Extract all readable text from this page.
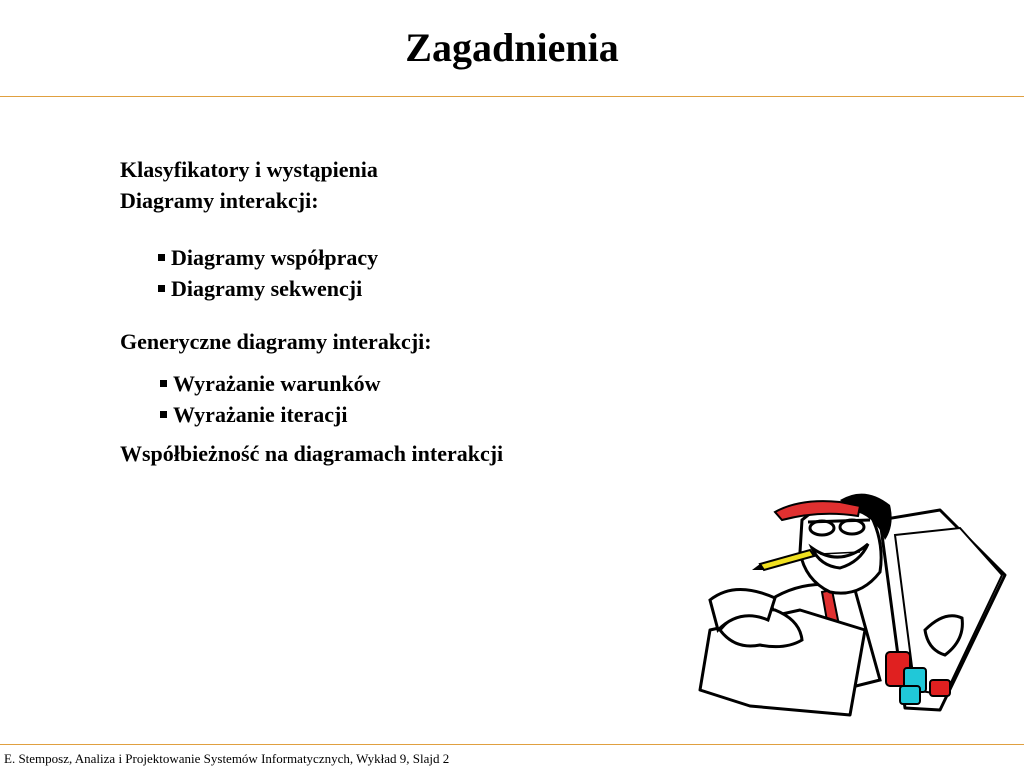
Zagadnienia
Klasyfikatory i wystąpienia
Diagramy interakcji:
Diagramy współpracy
Diagramy sekwencji
Generyczne diagramy interakcji:
Wyrażanie warunków
Wyrażanie iteracji
Współbieżność na diagramach interakcji
E. Stemposz, Analiza i Projektowanie Systemów Informatycznych, Wykład 9, Slajd 2
